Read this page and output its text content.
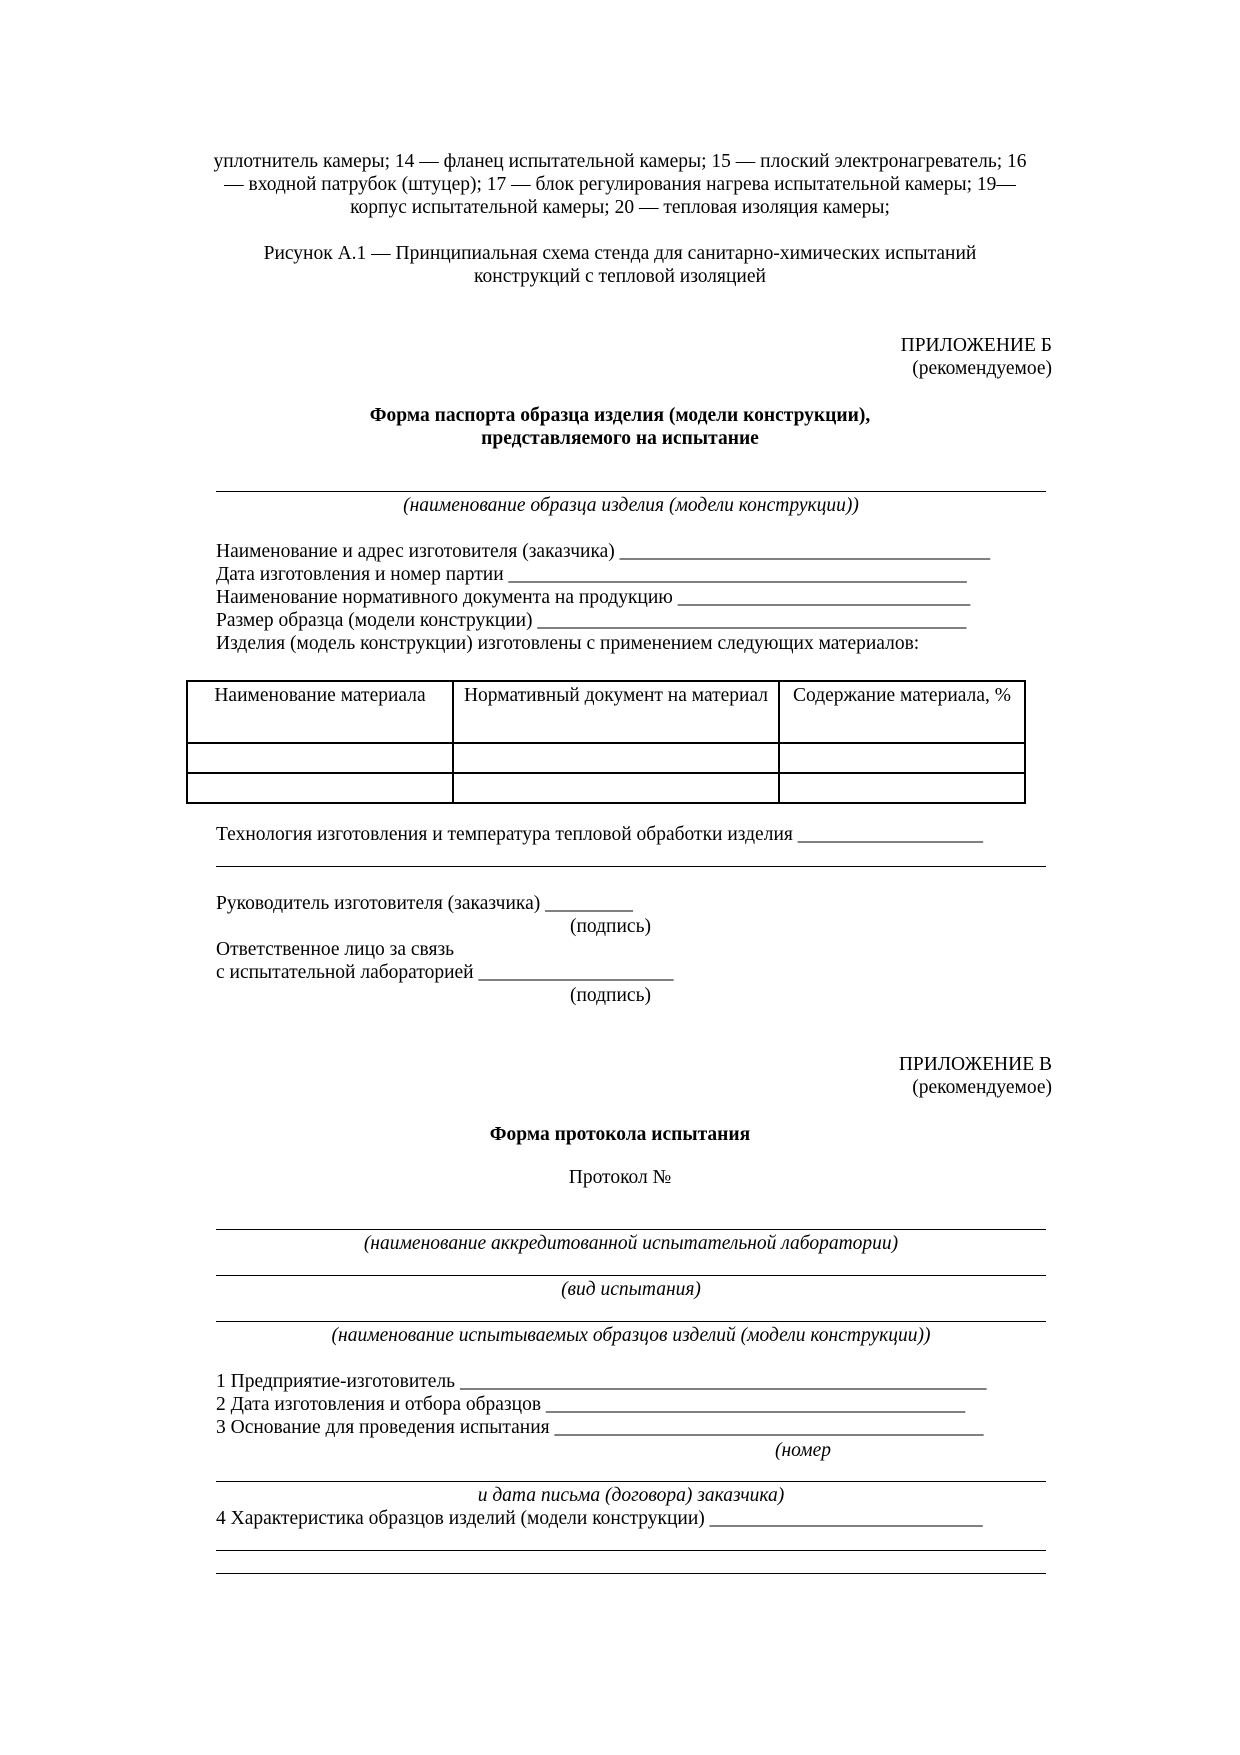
уплотнитель камеры; 14 — фланец испытательной камеры; 15 — плоский электронагреватель; 16
— входной патрубок (штуцер); 17 — блок регулирования нагрева испытательной камеры; 19—
корпус испытательной камеры; 20 — тепловая изоляция камеры;
Рисунок А.1 — Принципиальная схема стенда для санитарно-химических испытаний
конструкций с тепловой изоляцией
ПРИЛОЖЕНИЕ Б
(рекомендуемое)
Форма паспорта образца изделия (модели конструкции),
представляемого на испытание
(наименование образца изделия (модели конструкции))
Наименование и адрес изготовителя (заказчика) ______________________________________
Дата изготовления и номер партии _______________________________________________
Наименование нормативного документа на продукцию ______________________________
Размер образца (модели конструкции) ____________________________________________
Изделия (модель конструкции) изготовлены с применением следующих материалов:
Наименование материала	Нормативный документ на материал	Содержание материала, %

Технология изготовления и температура тепловой обработки изделия ___________________
Руководитель изготовителя (заказчика) _________
(подпись)
Ответственное лицо за связь
с испытательной лабораторией ____________________
(подпись)
ПРИЛОЖЕНИЕ В
(рекомендуемое)
Форма протокола испытания
Протокол №
(наименование аккредитованной испытательной лаборатории)
(вид испытания)
(наименование испытываемых образцов изделий (модели конструкции))
1 Предприятие-изготовитель ______________________________________________________
2 Дата изготовления и отбора образцов ___________________________________________
3 Основание для проведения испытания ____________________________________________
(номер
и дата письма (договора) заказчика)
4 Характеристика образцов изделий (модели конструкции) ____________________________
